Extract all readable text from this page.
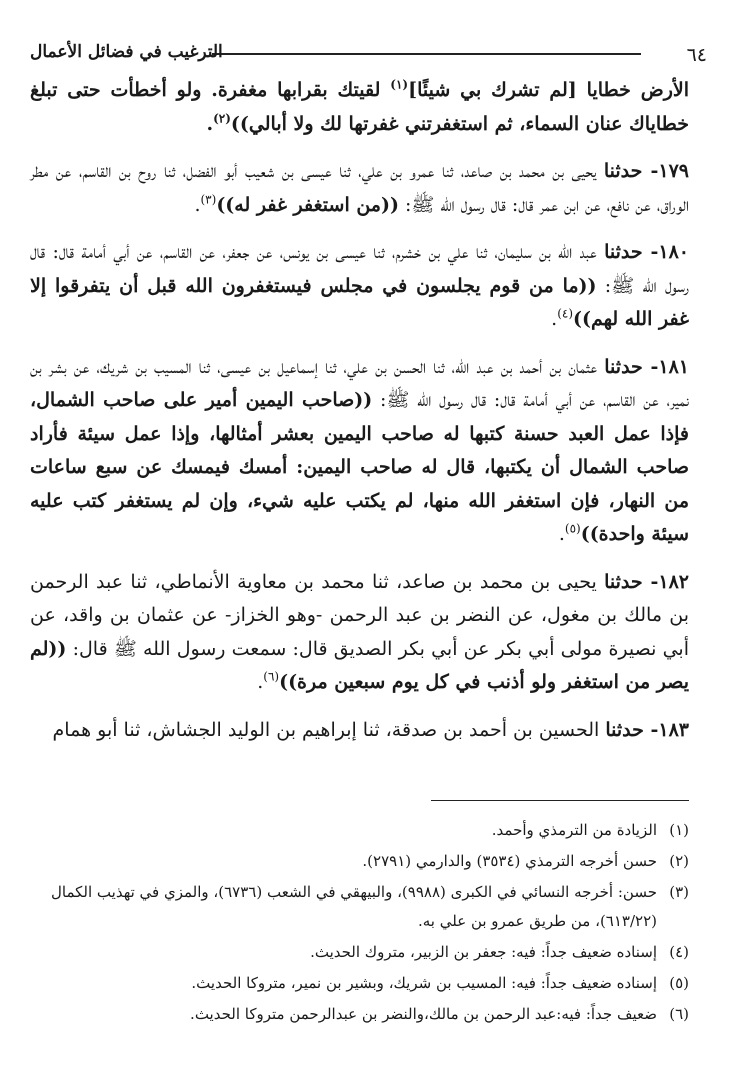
٦٤
الترغيب في فضائل الأعمال

الأرض خطايا [لم تشرك بي شيئًا]$^{(١)}$ لقيتك بقرابها مغفرة. ولو أخطأت حتى تبلغ خطاياك عنان السماء، ثم استغفرتني غفرتها لك ولا أبالي))$^{(٢)}$.

١٧٩- حدثنا يحيى بن محمد بن صاعد، ثنا عمرو بن علي، ثنا عيسى بن شعيب أبو الفضل، ثنا روح بن القاسم، عن مطر الوراق، عن نافع، عن ابن عمر قال: قال رسول الله ﷺ: ((من استغفر غفر له))$^{(٣)}$.

١٨٠- حدثنا عبد الله بن سليمان، ثنا علي بن خشرم، ثنا عيسى بن يونس، عن جعفر، عن القاسم، عن أبي أمامة قال: قال رسول الله ﷺ: ((ما من قوم يجلسون في مجلس فيستغفرون الله قبل أن يتفرقوا إلا غفر الله لهم))$^{(٤)}$.

١٨١- حدثنا عثمان بن أحمد بن عبد الله، ثنا الحسن بن علي، ثنا إسماعيل بن عيسى، ثنا المسيب بن شريك، عن بشر بن نمير، عن القاسم، عن أبي أمامة قال: قال رسول الله ﷺ: ((صاحب اليمين أمير على صاحب الشمال، فإذا عمل العبد حسنة كتبها له صاحب اليمين بعشر أمثالها، وإذا عمل سيئة فأراد صاحب الشمال أن يكتبها، قال له صاحب اليمين: أمسك فيمسك عن سبع ساعات من النهار، فإن استغفر الله منها، لم يكتب عليه شيء، وإن لم يستغفر كتب عليه سيئة واحدة))$^{(٥)}$.

١٨٢- حدثنا يحيى بن محمد بن صاعد، ثنا محمد بن معاوية الأنماطي، ثنا عبد الرحمن بن مالك بن مغول، عن النضر بن عبد الرحمن -وهو الخزاز- عن عثمان بن واقد، عن أبي نصيرة مولى أبي بكر عن أبي بكر الصديق قال: سمعت رسول الله ﷺ قال: ((لم يصر من استغفر ولو أذنب في كل يوم سبعين مرة))$^{(٦)}$.

١٨٣- حدثنا الحسين بن أحمد بن صدقة، ثنا إبراهيم بن الوليد الجشاش، ثنا أبو همام

(١)
الزيادة من الترمذي وأحمد.
(٢)
حسن أخرجه الترمذي (٣٥٣٤) والدارمي (٢٧٩١).
(٣)
حسن: أخرجه النسائي في الكبرى (٩٩٨٨)، والبيهقي في الشعب (٦٧٣٦)، والمزي في تهذيب الكمال (٦١٣/٢٢)، من طريق عمرو بن علي به.
(٤)
إسناده ضعيف جداً: فيه: جعفر بن الزبير، متروك الحديث.
(٥)
إسناده ضعيف جداً: فيه: المسيب بن شريك، وبشير بن نمير، متروكا الحديث.
(٦)
ضعيف جداً: فيه:عبد الرحمن بن مالك،والنضر بن عبدالرحمن متروكا الحديث.
